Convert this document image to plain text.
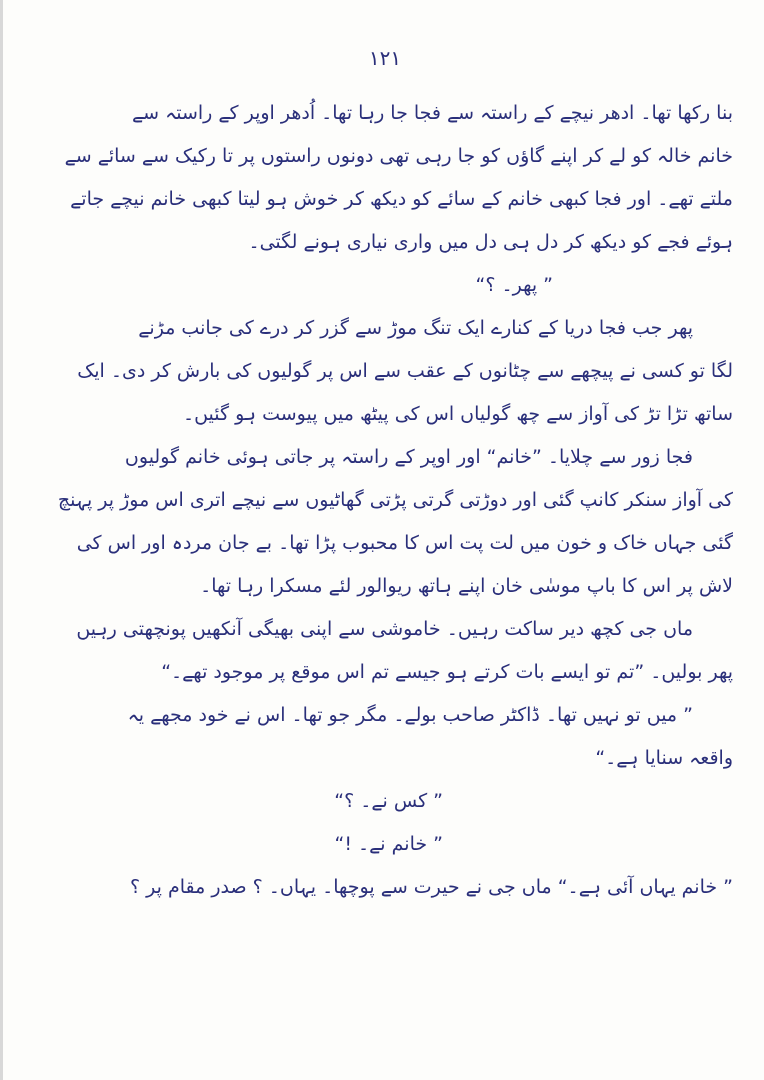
۱۲۱
بنا رکھا تھا۔ ادھر نیچے کے راستہ سے فجا جا رہا تھا۔ اُدھر اوپر کے راستہ سے
خانم خالہ کو لے کر اپنے گاؤں کو جا رہی تھی دونوں راستوں پر تا رکیک سے سائے سے
ملتے تھے۔ اور فجا کبھی خانم کے سائے کو دیکھ کر خوش ہو لیتا کبھی خانم نیچے جاتے
ہوئے فجے کو دیکھ کر دل ہی دل میں واری نیاری ہونے لگتی۔
” پھر۔ ؟“
پھر جب فجا دریا کے کنارے ایک تنگ موڑ سے گزر کر درے کی جانب مڑنے
لگا تو کسی نے پیچھے سے چٹانوں کے عقب سے اس پر گولیوں کی بارش کر دی۔ ایک
ساتھ تڑا تڑ کی آواز سے چھ گولیاں اس کی پیٹھ میں پیوست ہو گئیں۔
فجا زور سے چلایا۔ ”خانم“ اور اوپر کے راستہ پر جاتی ہوئی خانم گولیوں
کی آواز سنکر کانپ گئی اور دوڑتی گرتی پڑتی گھاٹیوں سے نیچے اتری اس موڑ پر پہنچ
گئی جہاں خاک و خون میں لت پت اس کا محبوب پڑا تھا۔ بے جان مردہ اور اس کی
لاش پر اس کا باپ موسٰی خان اپنے ہاتھ ریوالور لئے مسکرا رہا تھا۔
ماں جی کچھ دیر ساکت رہیں۔ خاموشی سے اپنی بھیگی آنکھیں پونچھتی رہیں
پھر بولیں۔ ”تم تو ایسے بات کرتے ہو جیسے تم اس موقع پر موجود تھے۔“
” میں تو نہیں تھا۔ ڈاکٹر صاحب بولے۔ مگر جو تھا۔ اس نے خود مجھے یہ
واقعہ سنایا ہے۔“
” کس نے۔ ؟“
” خانم نے۔ !“
” خانم یہاں آئی ہے۔“ ماں جی نے حیرت سے پوچھا۔ یہاں۔ ؟ صدر مقام پر ؟
